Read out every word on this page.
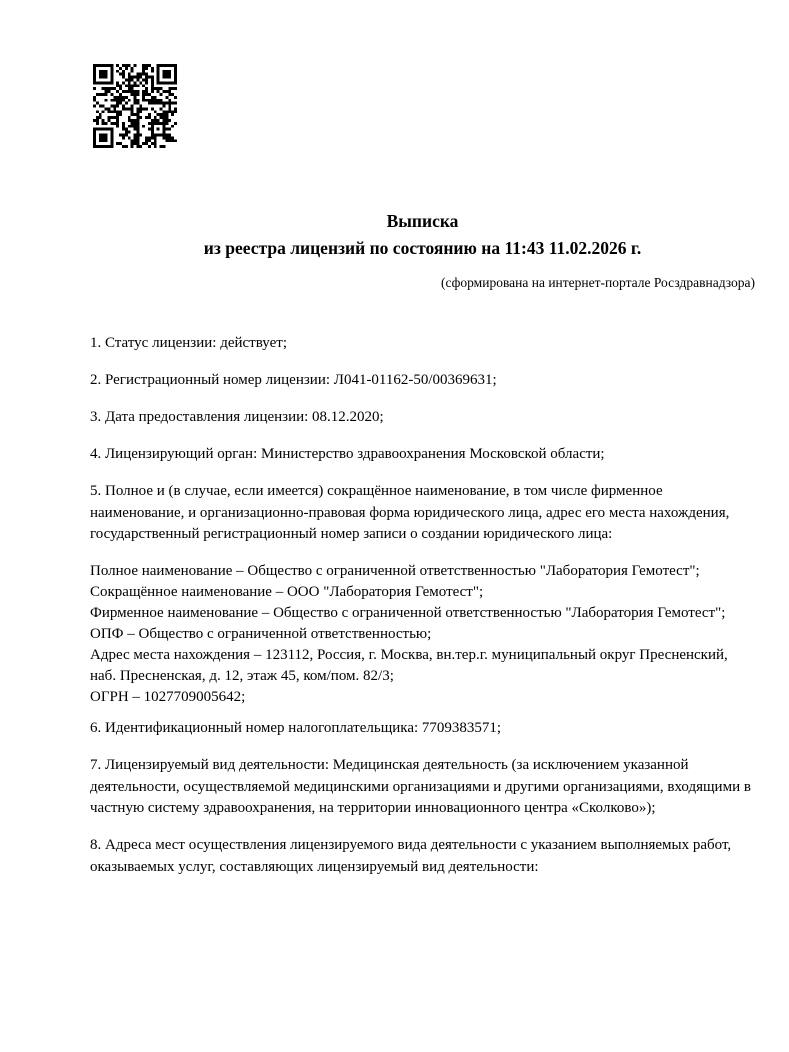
Выписка
из реестра лицензий по состоянию на 11:43 11.02.2026 г.
(сформирована на интернет-портале Росздравнадзора)

1. Статус лицензии: действует;

2. Регистрационный номер лицензии: Л041-01162-50/00369631;

3. Дата предоставления лицензии: 08.12.2020;

4. Лицензирующий орган: Министерство здравоохранения Московской области;

5. Полное и (в случае, если имеется) сокращённое наименование, в том числе фирменное наименование, и организационно-правовая форма юридического лица, адрес его места нахождения, государственный регистрационный номер записи о создании юридического лица:

Полное наименование – Общество с ограниченной ответственностью "Лаборатория Гемотест";

Сокращённое наименование – ООО "Лаборатория Гемотест";

Фирменное наименование – Общество с ограниченной ответственностью "Лаборатория Гемотест";

ОПФ – Общество с ограниченной ответственностью;

Адрес места нахождения – 123112, Россия, г. Москва, вн.тер.г. муниципальный округ Пресненский, наб. Пресненская, д. 12, этаж 45, ком/пом. 82/3;

ОГРН – 1027709005642;

6. Идентификационный номер налогоплательщика: 7709383571;

7. Лицензируемый вид деятельности: Медицинская деятельность (за исключением указанной деятельности, осуществляемой медицинскими организациями и другими организациями, входящими в частную систему здравоохранения, на территории инновационного центра «Сколково»);

8. Адреса мест осуществления лицензируемого вида деятельности с указанием выполняемых работ, оказываемых услуг, составляющих лицензируемый вид деятельности:
